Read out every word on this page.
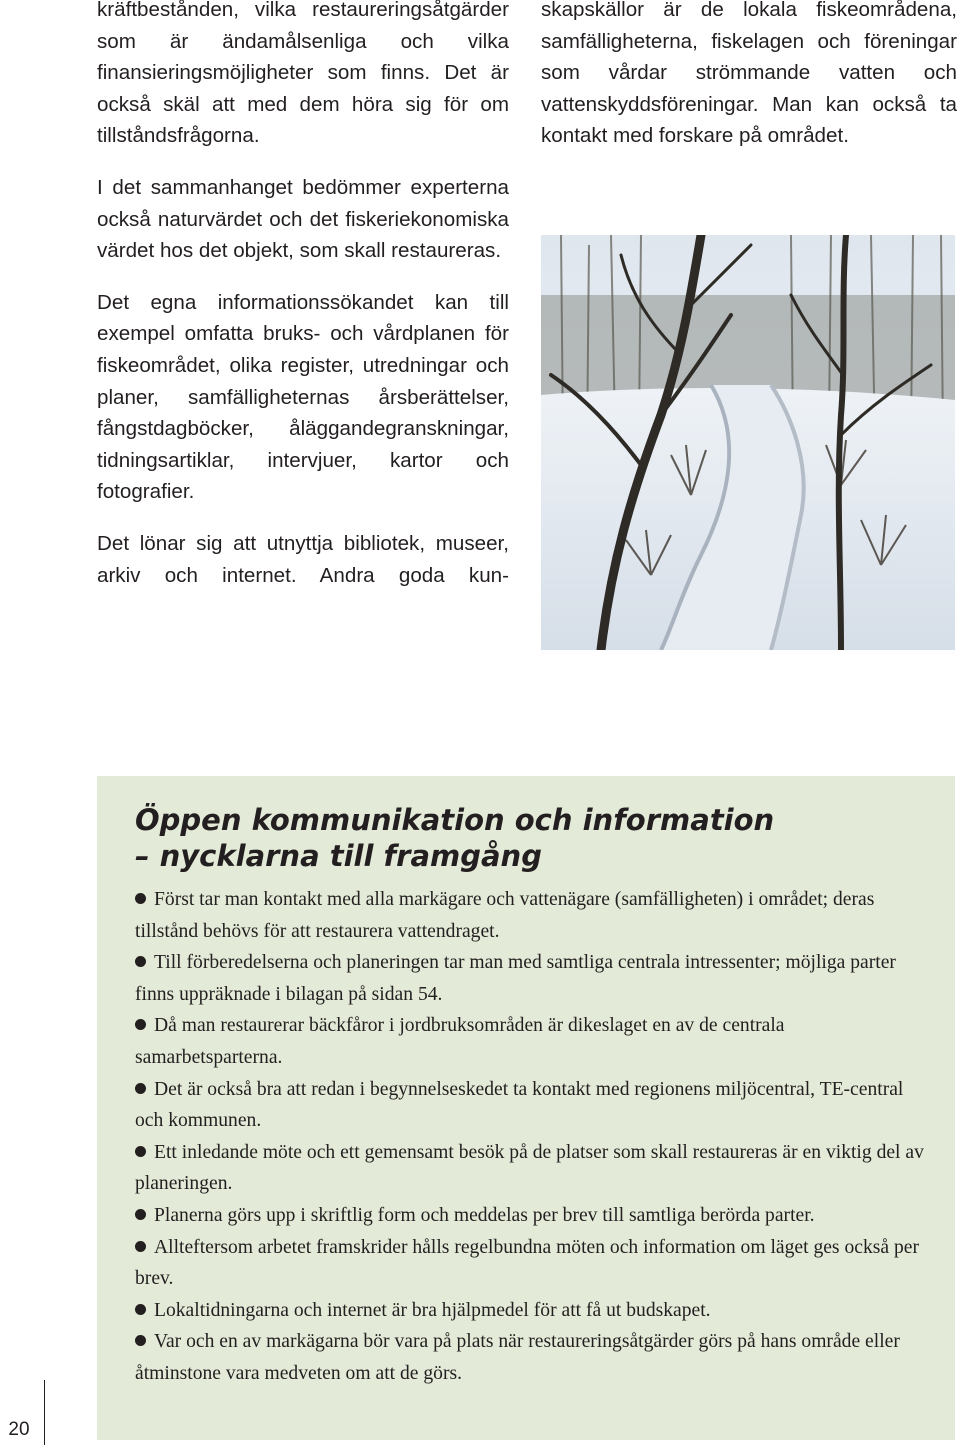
kräftbestånden, vilka restaureringsåtgärder som är ändamålsenliga och vilka finansieringsmöjligheter som finns. Det är också skäl att med dem höra sig för om tillståndsfrågorna.

I det sammanhanget bedömmer experterna också naturvärdet och det fiskeriekonomiska värdet hos det objekt, som skall restaureras.

Det egna informationssökandet kan till exempel omfatta bruks- och vårdplanen för fiskeområdet, olika register, utredningar och planer, samfälligheternas årsberättelser, fångstdagböcker, åläggandegranskningar, tidningsartiklar, intervjuer, kartor och fotografier.

Det lönar sig att utnyttja bibliotek, museer, arkiv och internet. Andra goda kun-

skapskällor är de lokala fiskeområdena, samfälligheterna, fiskelagen och föreningar som vårdar strömmande vatten och vattenskyddsföreningar. Man kan också ta kontakt med forskare på området.

Öppen kommunikation och information
– nycklarna till framgång
Först tar man kontakt med alla markägare och vattenägare (samfälligheten) i området; deras tillstånd behövs för att restaurera vattendraget.
Till förberedelserna och planeringen tar man med samtliga centrala intressenter; möjliga parter finns uppräknade i bilagan på sidan 54.
Då man restaurerar bäckfåror i jordbruksområden är dikeslaget en av de centrala samarbetsparterna.
Det är också bra att redan i begynnelseskedet ta kontakt med regionens miljöcentral, TE-central och kommunen.
Ett inledande möte och ett gemensamt besök på de platser som skall restaureras är en viktig del av planeringen.
Planerna görs upp i skriftlig form och meddelas per brev till samtliga berörda parter.
Allteftersom arbetet framskrider hålls regelbundna möten och information om läget ges också per brev.
Lokaltidningarna och internet är bra hjälpmedel för att få ut budskapet.
Var och en av markägarna bör vara på plats när restaureringsåtgärder görs på hans område eller åtminstone vara medveten om att de görs.
20
